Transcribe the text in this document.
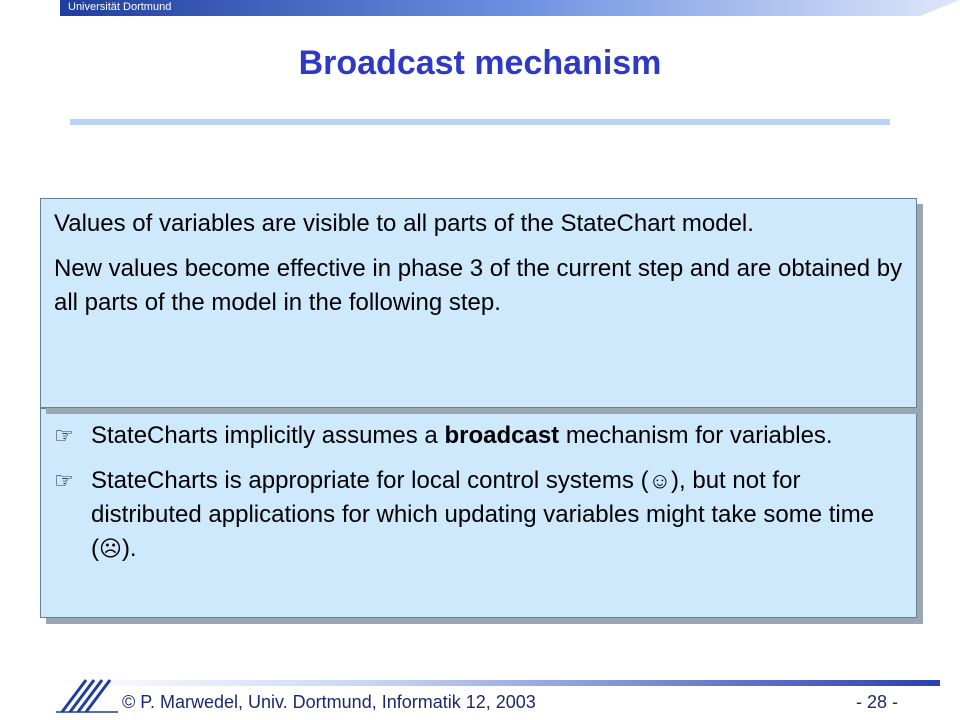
Universität Dortmund
Broadcast mechanism

Values of variables are visible to all parts of the StateChart model.

New values become effective in phase 3 of the current step and are obtained by all parts of the model in the following step.

☞ StateCharts implicitly assumes a broadcast mechanism for variables.

☞ StateCharts is appropriate for local control systems (☺), but not for distributed applications for which updating variables might take some time (☹).

© P. Marwedel, Univ. Dortmund, Informatik 12, 2003	- 28 -
